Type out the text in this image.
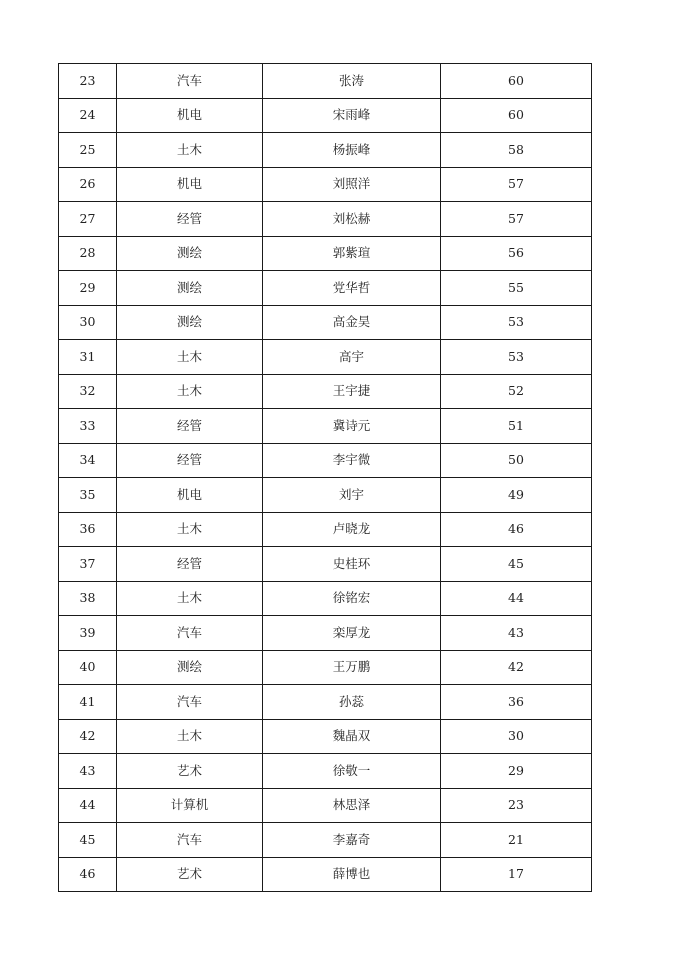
23	汽车	张涛	60
24	机电	宋雨峰	60
25	土木	杨振峰	58
26	机电	刘照洋	57
27	经管	刘松赫	57
28	测绘	郭紫瑄	56
29	测绘	党华哲	55
30	测绘	高金昊	53
31	土木	高宇	53
32	土木	王宇捷	52
33	经管	冀诗元	51
34	经管	李宇微	50
35	机电	刘宇	49
36	土木	卢晓龙	46
37	经管	史桂环	45
38	土木	徐铭宏	44
39	汽车	栾厚龙	43
40	测绘	王万鹏	42
41	汽车	孙蕊	36
42	土木	魏晶双	30
43	艺术	徐敬一	29
44	计算机	林思泽	23
45	汽车	李嘉奇	21
46	艺术	薛博也	17
